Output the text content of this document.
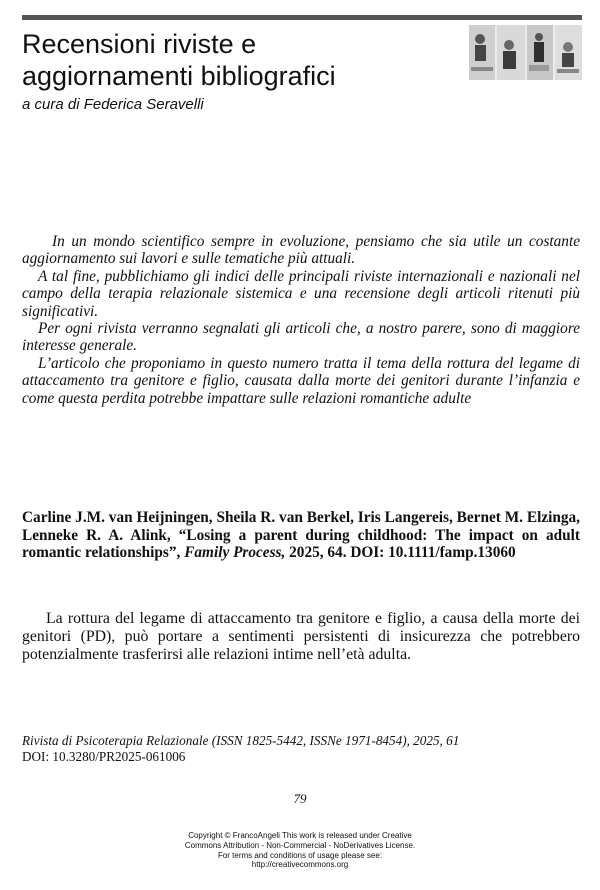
Recensioni riviste e
aggiornamenti bibliografici

a cura di Federica Seravelli

In un mondo scientifico sempre in evoluzione, pensiamo che sia utile un costante aggiornamento sui lavori e sulle tematiche più attuali.

A tal fine, pubblichiamo gli indici delle principali riviste internazionali e nazionali nel campo della terapia relazionale sistemica e una recensione degli articoli ritenuti più significativi.

Per ogni rivista verranno segnalati gli articoli che, a nostro parere, sono di maggiore interesse generale.

L’articolo che proponiamo in questo numero tratta il tema della rottura del legame di attaccamento tra genitore e figlio, causata dalla morte dei genitori durante l’infanzia e come questa perdita potrebbe impattare sulle relazioni romantiche adulte

Carline J.M. van Heijningen, Sheila R. van Berkel, Iris Langereis, Bernet M. Elzinga, Lenneke R. A. Alink, “Losing a parent during childhood: The impact on adult romantic relationships”, Family Process, 2025, 64. DOI: 10.1111/famp.13060

La rottura del legame di attaccamento tra genitore e figlio, a causa della morte dei genitori (PD), può portare a sentimenti persistenti di insicurezza che potrebbero potenzialmente trasferirsi alle relazioni intime nell’età adulta.

Rivista di Psicoterapia Relazionale (ISSN 1825-5442, ISSNe 1971-8454), 2025, 61
DOI: 10.3280/PR2025-061006
79
Copyright © FrancoAngeli This work is released under Creative
Commons Attribution - Non-Commercial - NoDerivatives License.
For terms and conditions of usage please see:
http://creativecommons.org
